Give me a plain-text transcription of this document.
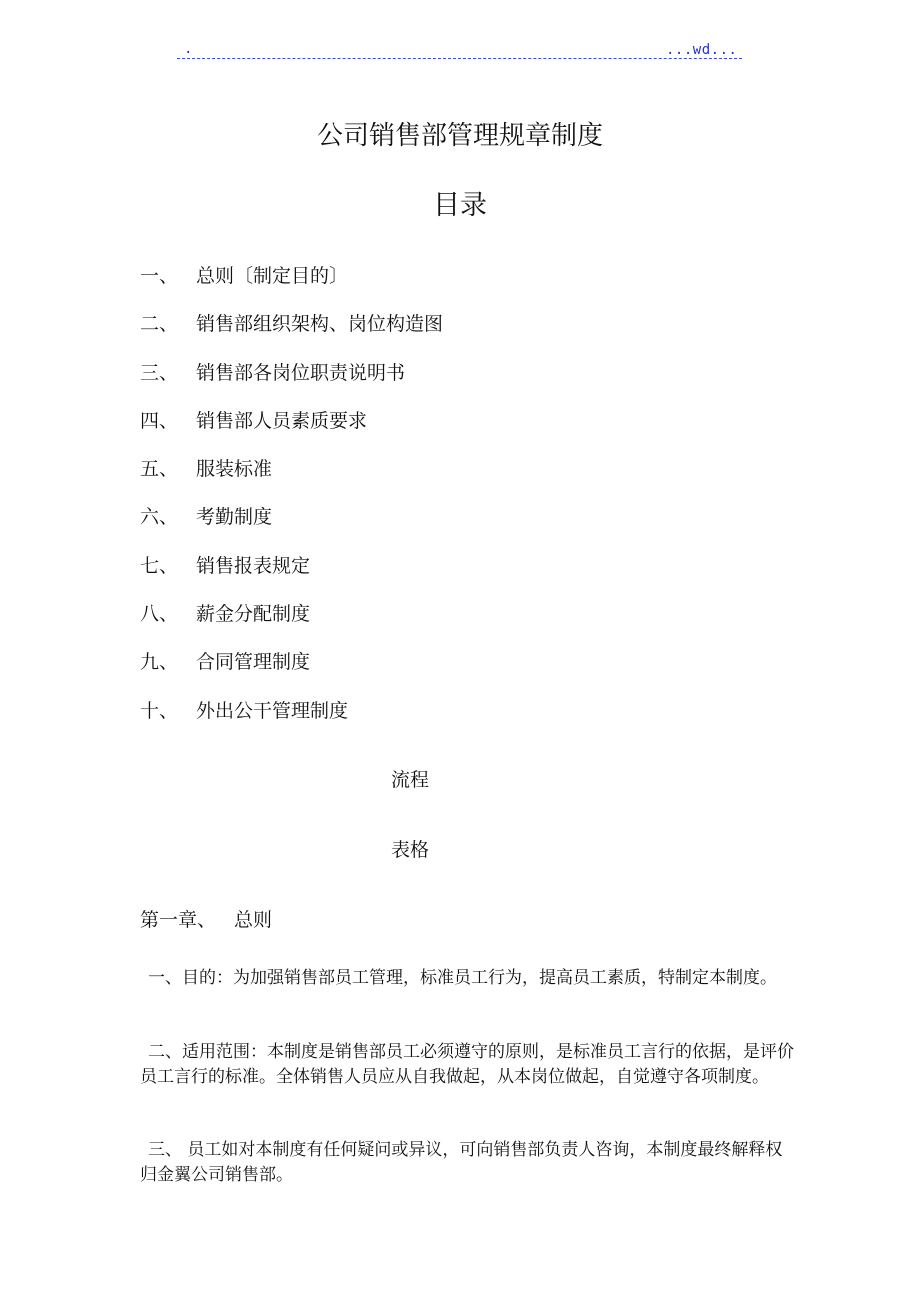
.	...wd...
公司销售部管理规章制度
目录
一、 总则〔制定目的〕
二、 销售部组织架构、岗位构造图
三、 销售部各岗位职责说明书
四、 销售部人员素质要求
五、 服装标准
六、 考勤制度
七、 销售报表规定
八、 薪金分配制度
九、 合同管理制度
十、 外出公干管理制度
流程
表格
第一章、 总则

一、目的：为加强销售部员工管理，标准员工行为，提高员工素质，特制定本制度。

二、适用范围：本制度是销售部员工必须遵守的原则，是标准员工言行的依据，是评价员工言行的标准。全体销售人员应从自我做起，从本岗位做起，自觉遵守各项制度。

三、 员工如对本制度有任何疑问或异议，可向销售部负责人咨询，本制度最终解释权归金翼公司销售部。
